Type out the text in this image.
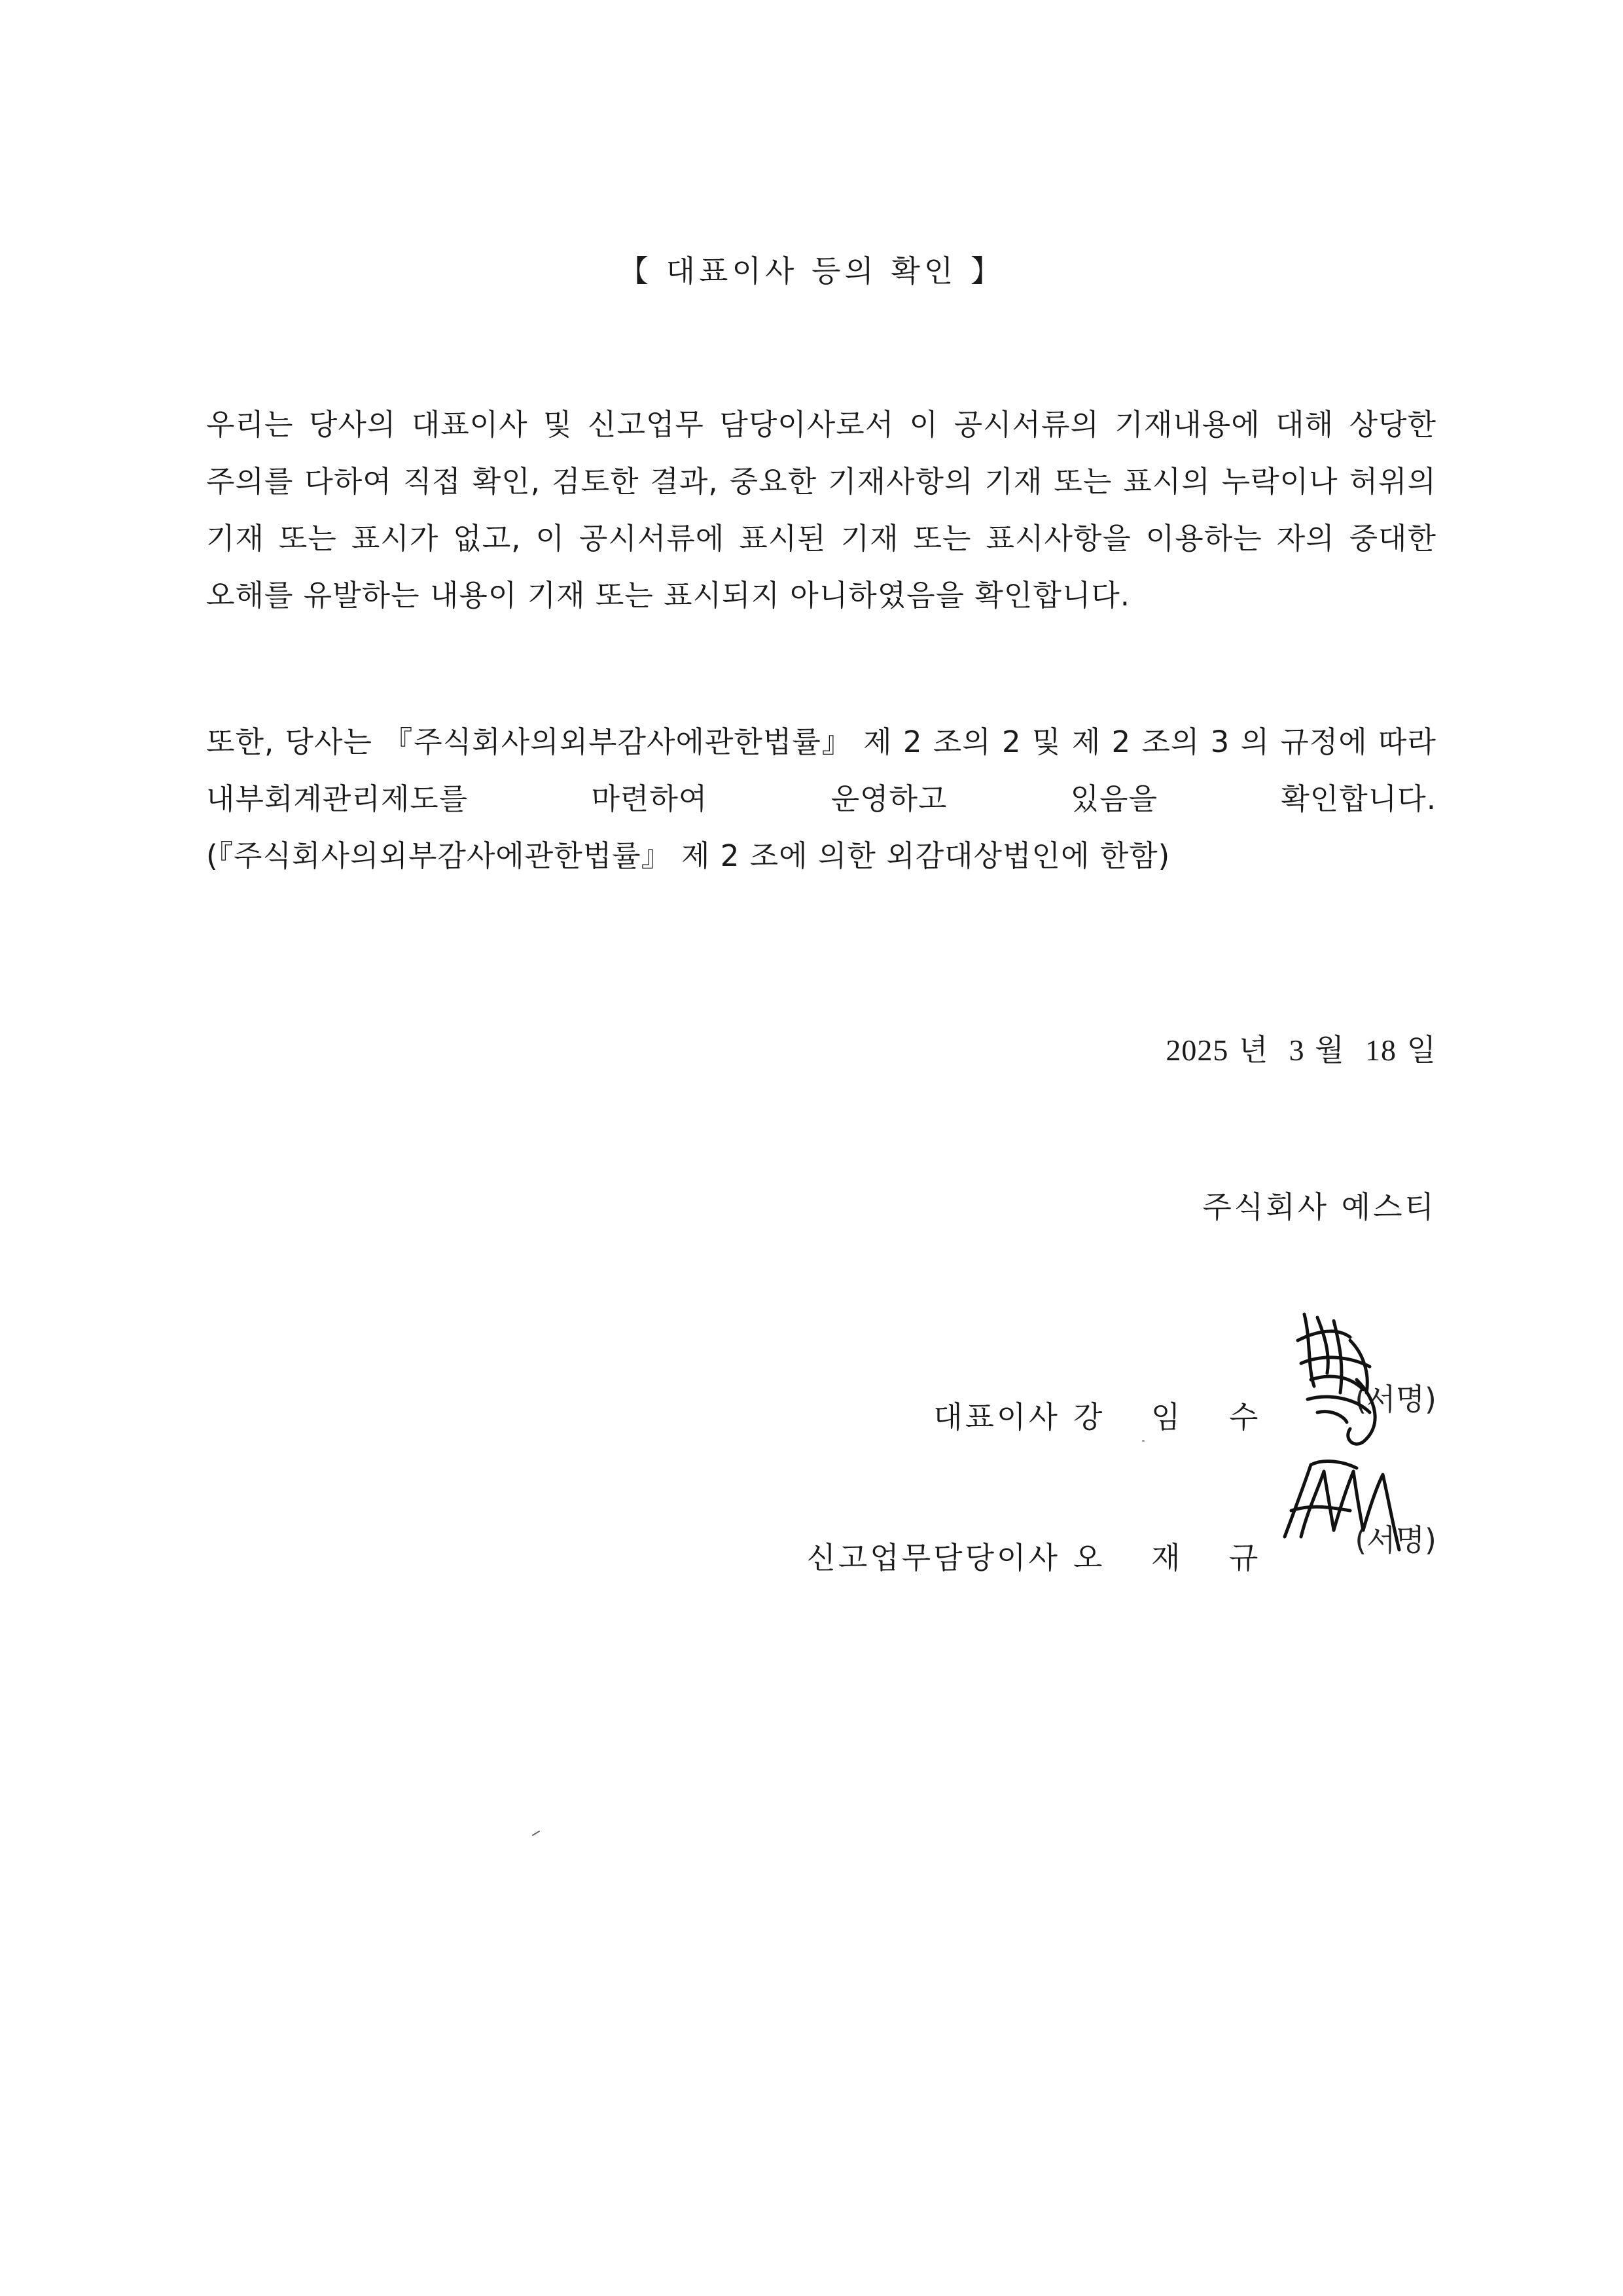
【 대표이사 등의 확인 】

우리는 당사의 대표이사 및 신고업무 담당이사로서 이 공시서류의 기재내용에 대해 상당한 주의를 다하여 직접 확인, 검토한 결과, 중요한 기재사항의 기재 또는 표시의 누락이나 허위의 기재 또는 표시가 없고, 이 공시서류에 표시된 기재 또는 표시사항을 이용하는 자의 중대한 오해를 유발하는 내용이 기재 또는 표시되지 아니하였음을 확인합니다.

또한, 당사는 『주식회사의외부감사에관한법률』 제 2 조의 2 및 제 2 조의 3 의 규정에 따라 내부회계관리제도를 마련하여 운영하고 있음을 확인합니다.(『주식회사의외부감사에관한법률』 제 2 조에 의한 외감대상법인에 한함)

2025 년 3 월 18 일
주식회사 예스티
대표이사 강 임 수	(서명)

신고업무담당이사 오 재 규	(서명)
